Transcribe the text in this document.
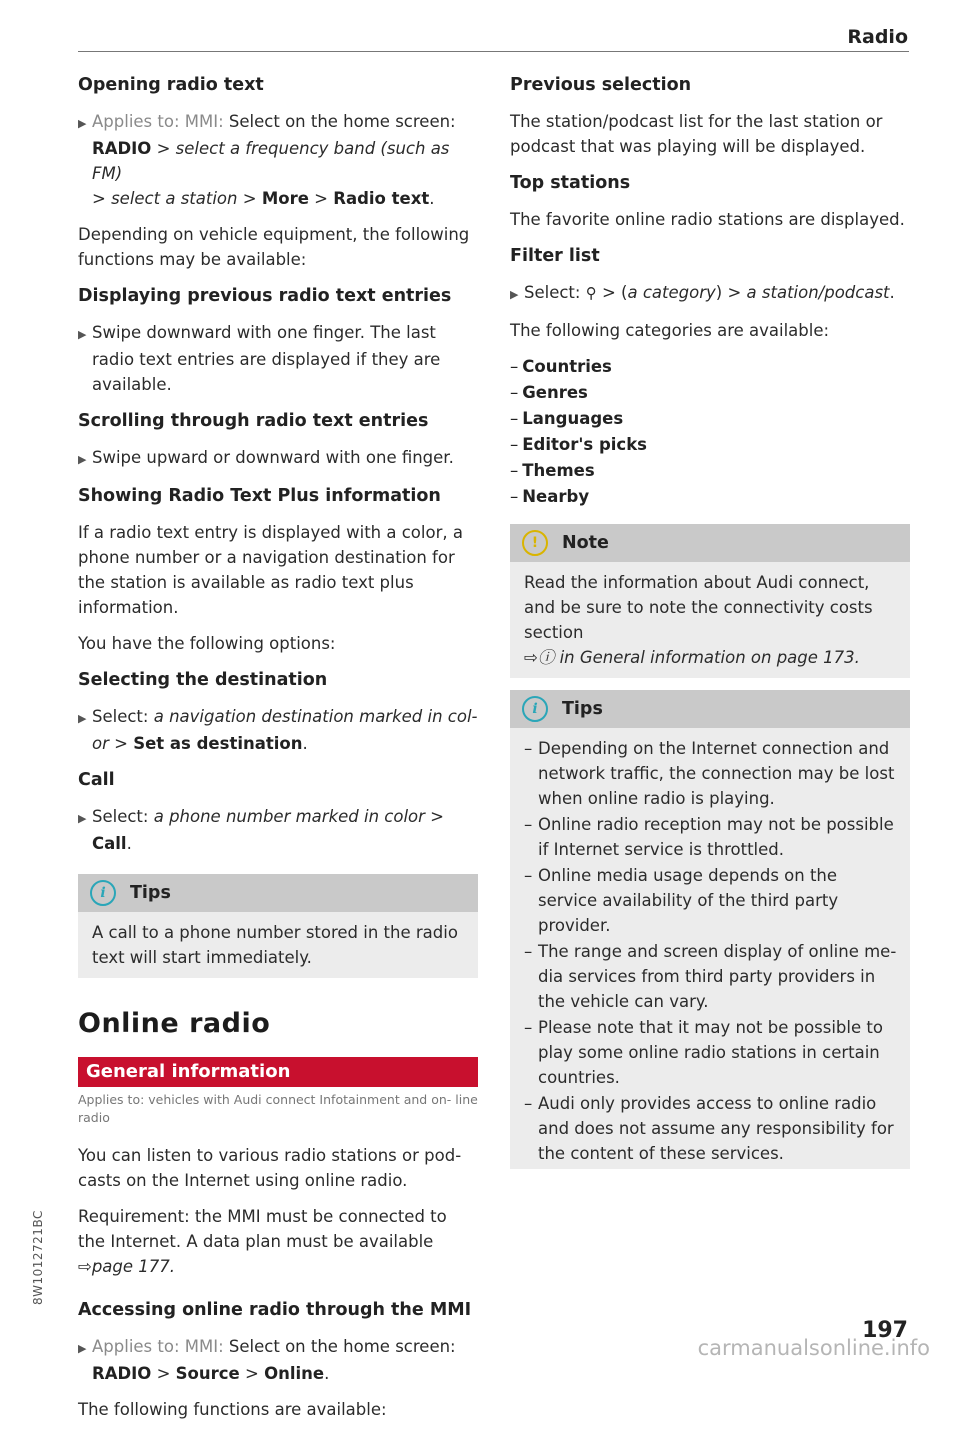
Radio
Opening radio text

▶ Applies to: MMI: Select on the home screen:
RADIO > select a frequency band (such as FM)
> select a station > More > Radio text.

Depending on vehicle equipment, the following functions may be available:

Displaying previous radio text entries

▶ Swipe downward with one finger. The last radio text entries are displayed if they are available.

Scrolling through radio text entries

▶ Swipe upward or downward with one finger.

Showing Radio Text Plus information

If a radio text entry is displayed with a color, a phone number or a navigation destination for the station is available as radio text plus information.

You have the following options:

Selecting the destination

▶ Select: a navigation destination marked in col- or > Set as destination.

Call

▶ Select: a phone number marked in color > Call.

i	Tips

A call to a phone number stored in the radio text will start immediately.

Online radio
General information
Applies to: vehicles with Audi connect Infotainment and on- line radio

You can listen to various radio stations or pod- casts on the Internet using online radio.

Requirement: the MMI must be connected to the Internet. A data plan must be available ⇨page 177.

Accessing online radio through the MMI

▶ Applies to: MMI: Select on the home screen:
RADIO > Source > Online.

The following functions are available:

Previous selection

The station/podcast list for the last station or podcast that was playing will be displayed.

Top stations

The favorite online radio stations are displayed.

Filter list

▶ Select: ⚲ > (a category) > a station/podcast.

The following categories are available:

– Countries
– Genres
– Languages
– Editor's picks
– Themes
– Nearby
!	Note

Read the information about Audi connect, and be sure to note the connectivity costs section
⇨ⓘ in General information on page 173.

i	Tips
– Depending on the Internet connection and network traffic, the connection may be lost when online radio is playing.
– Online radio reception may not be possible if Internet service is throttled.
– Online media usage depends on the service availability of the third party provider.
– The range and screen display of online me- dia services from third party providers in the vehicle can vary.
– Please note that it may not be possible to play some online radio stations in certain countries.
– Audi only provides access to online radio and does not assume any responsibility for the content of these services.
8W1012721BC
197
carmanualsonline.info
